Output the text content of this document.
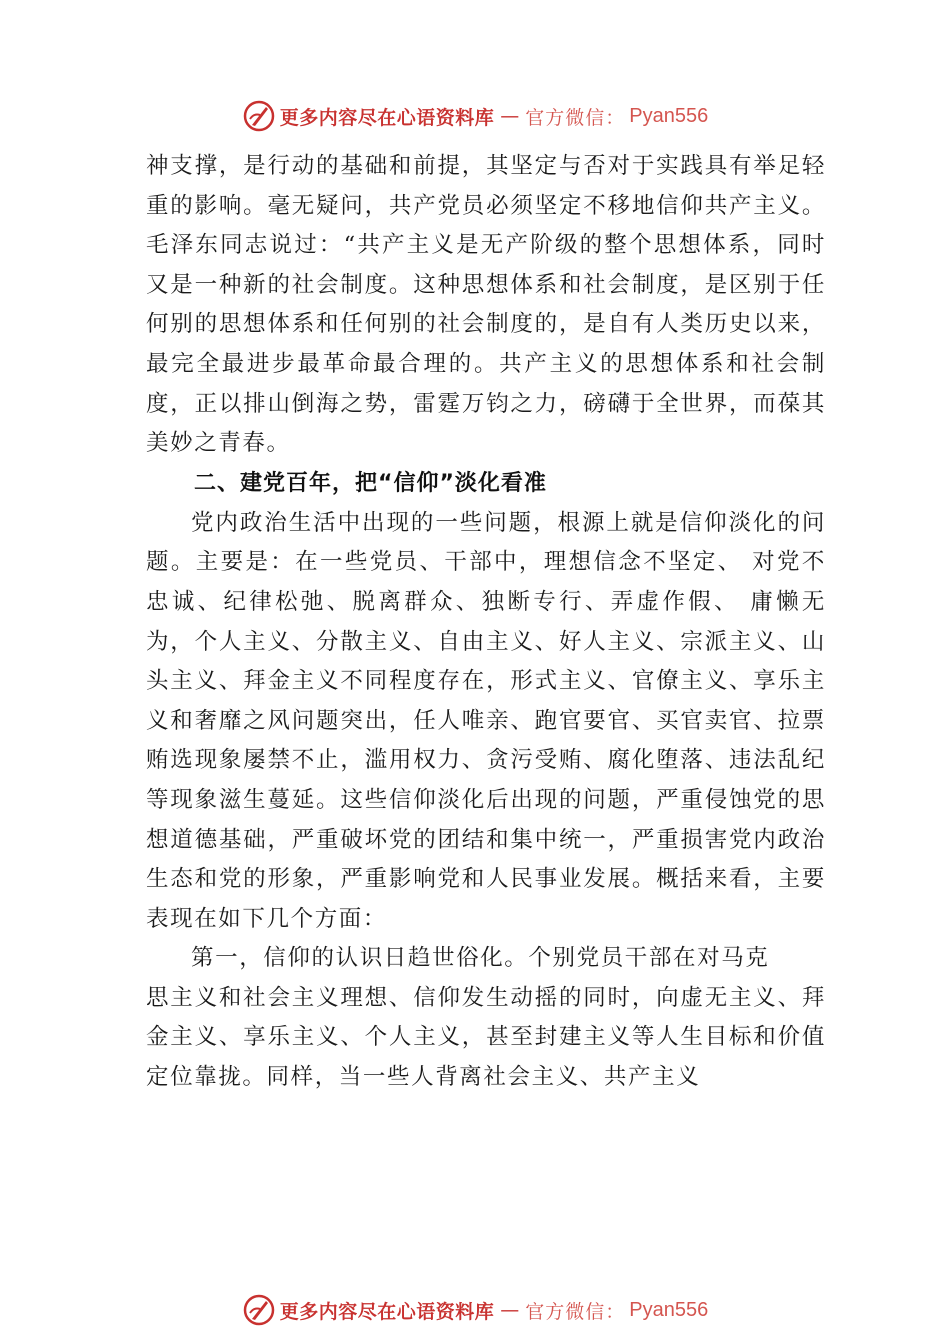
更多内容尽在心语资料库 — 官方微信： Pyan556

神支撑，是行动的基础和前提，其坚定与否对于实践具有举足轻重的影响。毫无疑问，共产党员必须坚定不移地信仰共产主义。毛泽东同志说过：“共产主义是无产阶级的整个思想体系，同时又是一种新的社会制度。这种思想体系和社会制度，是区别于任何别的思想体系和任何别的社会制度的，是自有人类历史以来，最完全最进步最革命最合理的。共产主义的思想体系和社会制度，正以排山倒海之势，雷霆万钧之力，磅礴于全世界，而葆其美妙之青春。

二、建党百年，把“信仰”淡化看准

党内政治生活中出现的一些问题，根源上就是信仰淡化的问题。主要是：在一些党员、干部中，理想信念不坚定、 对党不忠诚、纪律松弛、脱离群众、独断专行、弄虚作假、 庸懒无为，个人主义、分散主义、自由主义、好人主义、宗派主义、山头主义、拜金主义不同程度存在，形式主义、官僚主义、享乐主义和奢靡之风问题突出，任人唯亲、跑官要官、买官卖官、拉票贿选现象屡禁不止，滥用权力、贪污受贿、腐化堕落、违法乱纪等现象滋生蔓延。这些信仰淡化后出现的问题，严重侵蚀党的思想道德基础，严重破坏党的团结和集中统一，严重损害党内政治生态和党的形象，严重影响党和人民事业发展。概括来看，主要表现在如下几个方面：

第一，信仰的认识日趋世俗化。个别党员干部在对马克

思主义和社会主义理想、信仰发生动摇的同时，向虚无主义、拜金主义、享乐主义、个人主义，甚至封建主义等人生目标和价值定位靠拢。同样，当一些人背离社会主义、共产主义

更多内容尽在心语资料库 — 官方微信： Pyan556
